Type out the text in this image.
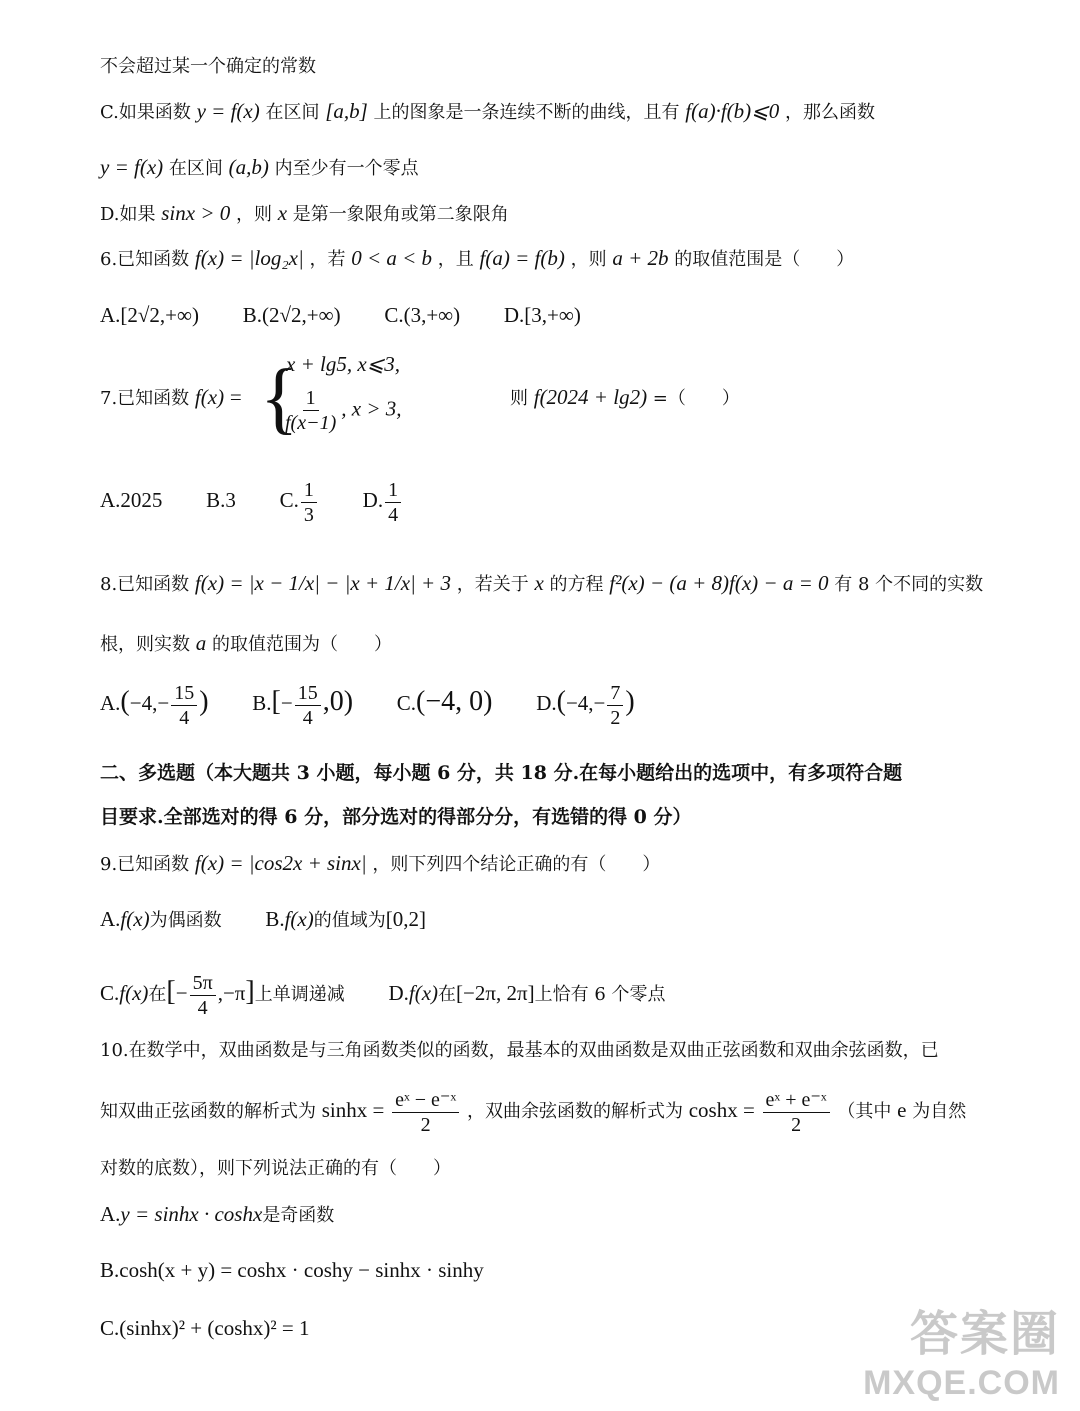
不会超过某一个确定的常数
C.如果函数 y = f(x) 在区间 [a,b] 上的图象是一条连续不断的曲线，且有 f(a)·f(b)⩽0 ，那么函数
y = f(x) 在区间 (a,b) 内至少有一个零点
D.如果 sinx > 0 ，则 x 是第一象限角或第二象限角
6.已知函数 f(x) = |log₂x| ，若 0 < a < b ，且 f(a) = f(b) ，则 a + 2b 的取值范围是（　　）
A.[2√2,+∞) B.(2√2,+∞) C.(3,+∞) D.[3,+∞)
7.已知函数 f(x) = {
x + lg5, x⩽3,
$\frac{1}{f(x-1)}$ , x > 3,	则 f(2024 + lg2) =（　　）
A.2025 B.3 C. $\frac{1}{3} D$. $\frac{1}{4}$
8.已知函数 f(x) = |x − 1/x| − |x + 1/x| + 3 ，若关于 x 的方程 f²(x) − (a + 8)f(x) − a = 0 有 8 个不同的实数
根，则实数 a 的取值范围为（　　）
$A.(-4,- \frac{15}{4}$ ) $B.[- \frac{15}{4} ,0)$ C.(−4, 0) $D.(-4,- \frac{7}{2}$ )
二、多选题（本大题共 3 小题，每小题 6 分，共 18 分.在每小题给出的选项中，有多项符合题
目要求.全部选对的得 6 分，部分选对的得部分分，有选错的得 0 分）
9.已知函数 f(x) = |cos2x + sinx| ，则下列四个结论正确的有（　　）
A.f(x)为偶函数 B.f(x)的值域为[0,2]
C.f(x)在[− $\frac{5\pi}{4} ,-\pi$]上单调递减 D.f(x)在[−2π, 2π]上恰有 6 个零点
10.在数学中，双曲函数是与三角函数类似的函数，最基本的双曲函数是双曲正弦函数和双曲余弦函数，已
知双曲正弦函数的解析式为 $\sinh x = \frac{\text{eˣ − e⁻ˣ}}{2}$ ，双曲余弦函数的解析式为 $\cosh x = \frac{\text{eˣ + e⁻ˣ}}{2}$ （其中 e 为自然
对数的底数），则下列说法正确的有（　　）
A.y = sinhx · coshx是奇函数
B.cosh(x + y) = coshx · coshy − sinhx · sinhy
C.(sinhx)² + (coshx)² = 1	答案圈
MXQE.COM
